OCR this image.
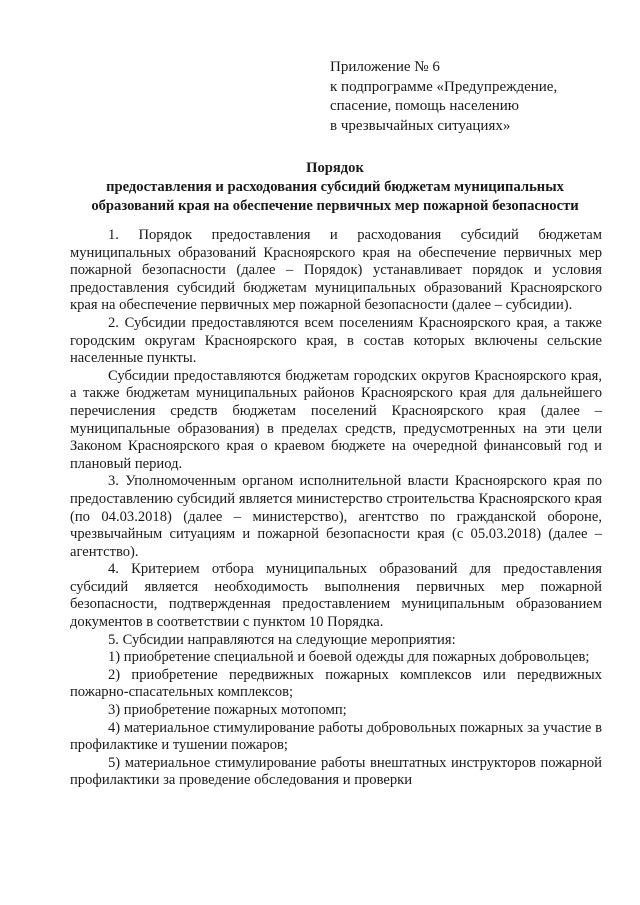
Приложение № 6
к подпрограмме «Предупреждение,
спасение, помощь населению
в чрезвычайных ситуациях»
Порядок
предоставления и расходования субсидий бюджетам муниципальных
образований края на обеспечение первичных мер пожарной безопасности

1. Порядок предоставления и расходования субсидий бюджетам муниципальных образований Красноярского края на обеспечение первичных мер пожарной безопасности (далее – Порядок) устанавливает порядок и условия предоставления субсидий бюджетам муниципальных образований Красноярского края на обеспечение первичных мер пожарной безопасности (далее – субсидии).

2. Субсидии предоставляются всем поселениям Красноярского края, а также городским округам Красноярского края, в состав которых включены сельские населенные пункты.

Субсидии предоставляются бюджетам городских округов Красноярского края, а также бюджетам муниципальных районов Красноярского края для дальнейшего перечисления средств бюджетам поселений Красноярского края (далее – муниципальные образования) в пределах средств, предусмотренных на эти цели Законом Красноярского края о краевом бюджете на очередной финансовый год и плановый период.

3. Уполномоченным органом исполнительной власти Красноярского края по предоставлению субсидий является министерство строительства Красноярского края (по 04.03.2018) (далее – министерство), агентство по гражданской обороне, чрезвычайным ситуациям и пожарной безопасности края (с 05.03.2018) (далее – агентство).

4. Критерием отбора муниципальных образований для предоставления субсидий является необходимость выполнения первичных мер пожарной безопасности, подтвержденная предоставлением муниципальным образованием документов в соответствии с пунктом 10 Порядка.

5. Субсидии направляются на следующие мероприятия:

1) приобретение специальной и боевой одежды для пожарных добровольцев;

2) приобретение передвижных пожарных комплексов или передвижных пожарно-спасательных комплексов;

3) приобретение пожарных мотопомп;

4) материальное стимулирование работы добровольных пожарных за участие в профилактике и тушении пожаров;

5) материальное стимулирование работы внештатных инструкторов пожарной профилактики за проведение обследования и проверки
